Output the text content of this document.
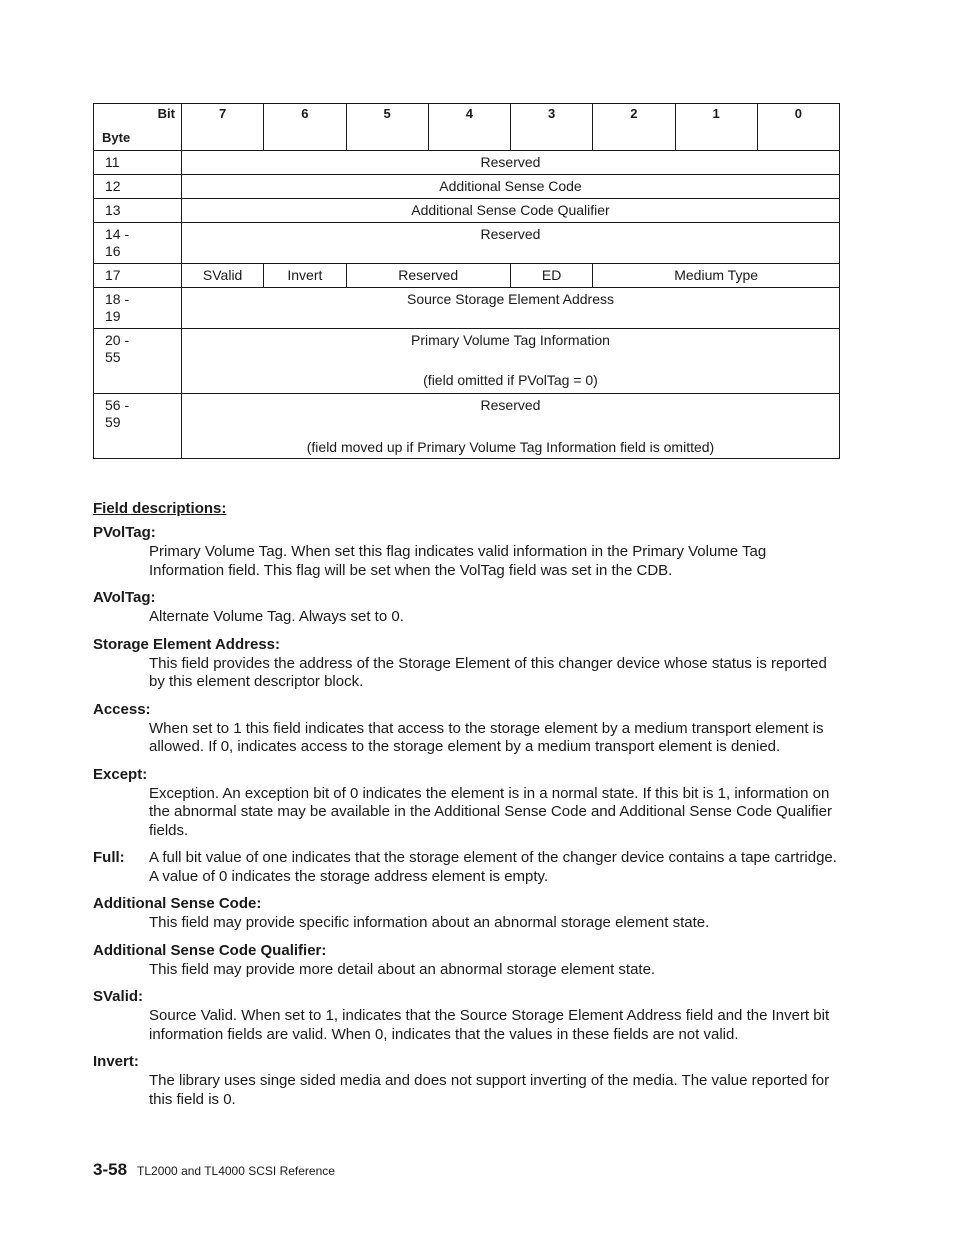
Bit
Byte	7	6	5	4	3	2	1	0
11	Reserved							
12	Additional Sense Code							
13	Additional Sense Code Qualifier							
14 -
16	Reserved							
17	SValid	Invert	Reserved		ED	Medium Type		
18 -
19	Source Storage Element Address							
20 -
55	Primary Volume Tag Information
(field omitted if PVolTag = 0)							

56 -
59	Reserved
(field moved up if Primary Volume Tag Information field is omitted)							

Field descriptions:

PVolTag:

Primary Volume Tag. When set this flag indicates valid information in the Primary Volume Tag Information field. This flag will be set when the VolTag field was set in the CDB.

AVolTag:

Alternate Volume Tag. Always set to 0.

Storage Element Address:

This field provides the address of the Storage Element of this changer device whose status is reported by this element descriptor block.

Access:

When set to 1 this field indicates that access to the storage element by a medium transport element is allowed. If 0, indicates access to the storage element by a medium transport element is denied.

Except:

Exception. An exception bit of 0 indicates the element is in a normal state. If this bit is 1, information on the abnormal state may be available in the Additional Sense Code and Additional Sense Code Qualifier fields.

Full:	A full bit value of one indicates that the storage element of the changer device contains a tape cartridge. A value of 0 indicates the storage address element is empty.

Additional Sense Code:

This field may provide specific information about an abnormal storage element state.

Additional Sense Code Qualifier:

This field may provide more detail about an abnormal storage element state.

SValid:

Source Valid. When set to 1, indicates that the Source Storage Element Address field and the Invert bit information fields are valid. When 0, indicates that the values in these fields are not valid.

Invert:

The library uses singe sided media and does not support inverting of the media. The value reported for this field is 0.

3-58 TL2000 and TL4000 SCSI Reference
